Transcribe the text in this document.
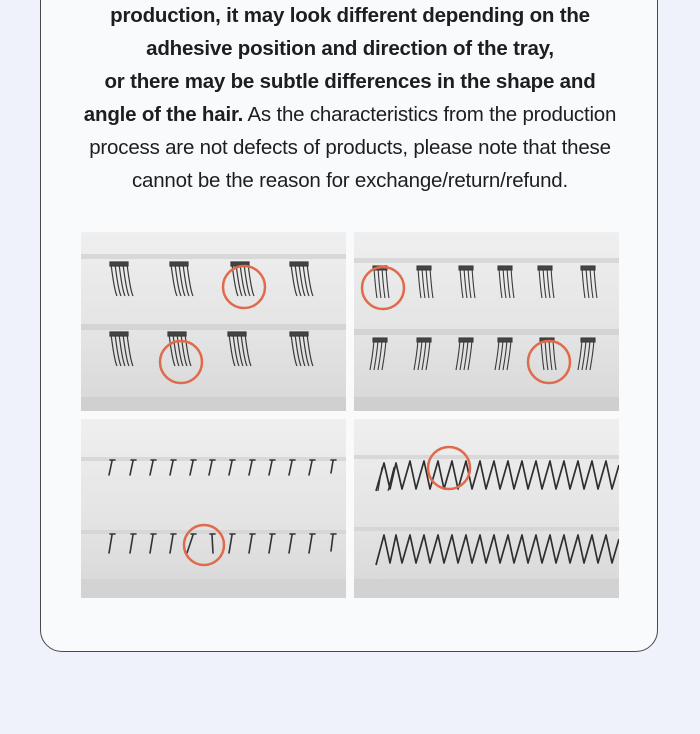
production, it may look different depending on the
adhesive position and direction of the tray,
or there may be subtle differences in the shape and
angle of the hair. As the characteristics from the production
process are not defects of products, please note that these
cannot be the reason for exchange/return/refund.
